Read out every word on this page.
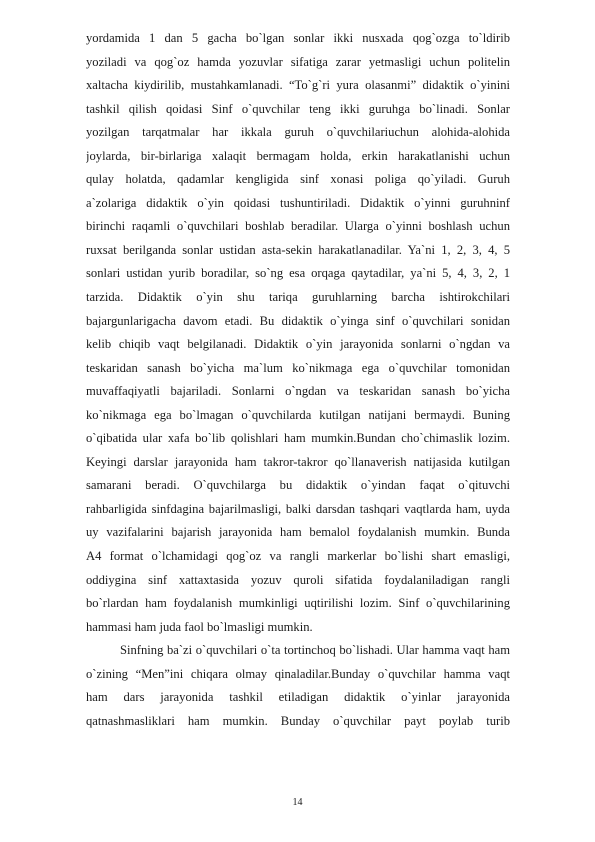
yordamida 1 dan 5 gacha bo`lgan sonlar ikki nusxada qog`ozga to`ldirib
yoziladi va qog`oz hamda yozuvlar sifatiga zarar yetmasligi uchun politelin
xaltacha kiydirilib, mustahkamlanadi. “To`g`ri yura olasanmi” didaktik o`yinini
tashkil qilish qoidasi Sinf o`quvchilar teng ikki guruhga bo`linadi. Sonlar
yozilgan tarqatmalar har ikkala guruh o`quvchilariuchun alohida-alohida
joylarda, bir-birlariga xalaqit bermagam holda, erkin harakatlanishi uchun
qulay holatda, qadamlar kengligida sinf xonasi poliga qo`yiladi. Guruh
a`zolariga didaktik o`yin qoidasi tushuntiriladi. Didaktik o`yinni guruhninf
birinchi raqamli o`quvchilari boshlab beradilar. Ularga o`yinni boshlash uchun
ruxsat berilganda sonlar ustidan asta-sekin harakatlanadilar. Ya`ni 1, 2, 3, 4, 5
sonlari ustidan yurib boradilar, so`ng esa orqaga qaytadilar, ya`ni 5, 4, 3, 2, 1
tarzida. Didaktik o`yin shu tariqa guruhlarning barcha ishtirokchilari
bajargunlarigacha davom etadi. Bu didaktik o`yinga sinf o`quvchilari sonidan
kelib chiqib vaqt belgilanadi. Didaktik o`yin jarayonida sonlarni o`ngdan va
teskaridan sanash bo`yicha ma`lum ko`nikmaga ega o`quvchilar tomonidan
muvaffaqiyatli bajariladi. Sonlarni o`ngdan va teskaridan sanash bo`yicha
ko`nikmaga ega bo`lmagan o`quvchilarda kutilgan natijani bermaydi. Buning
o`qibatida ular xafa bo`lib qolishlari ham mumkin.Bundan cho`chimaslik lozim.
Keyingi darslar jarayonida ham takror-takror qo`llanaverish natijasida kutilgan
samarani beradi. O`quvchilarga bu didaktik o`yindan faqat o`qituvchi
rahbarligida sinfdagina bajarilmasligi, balki darsdan tashqari vaqtlarda ham, uyda
uy vazifalarini bajarish jarayonida ham bemalol foydalanish mumkin. Bunda
A4 format o`lchamidagi qog`oz va rangli markerlar bo`lishi shart emasligi,
oddiygina sinf xattaxtasida yozuv quroli sifatida foydalaniladigan rangli
bo`rlardan ham foydalanish mumkinligi uqtirilishi lozim. Sinf o`quvchilarining
hammasi ham juda faol bo`lmasligi mumkin.
Sinfning ba`zi o`quvchilari o`ta tortinchoq bo`lishadi. Ular hamma vaqt ham
o`zining “Men”ini chiqara olmay qinaladilar.Bunday o`quvchilar hamma vaqt
ham dars jarayonida tashkil etiladigan didaktik o`yinlar jarayonida
qatnashmasliklari ham mumkin. Bunday o`quvchilar payt poylab turib
14
